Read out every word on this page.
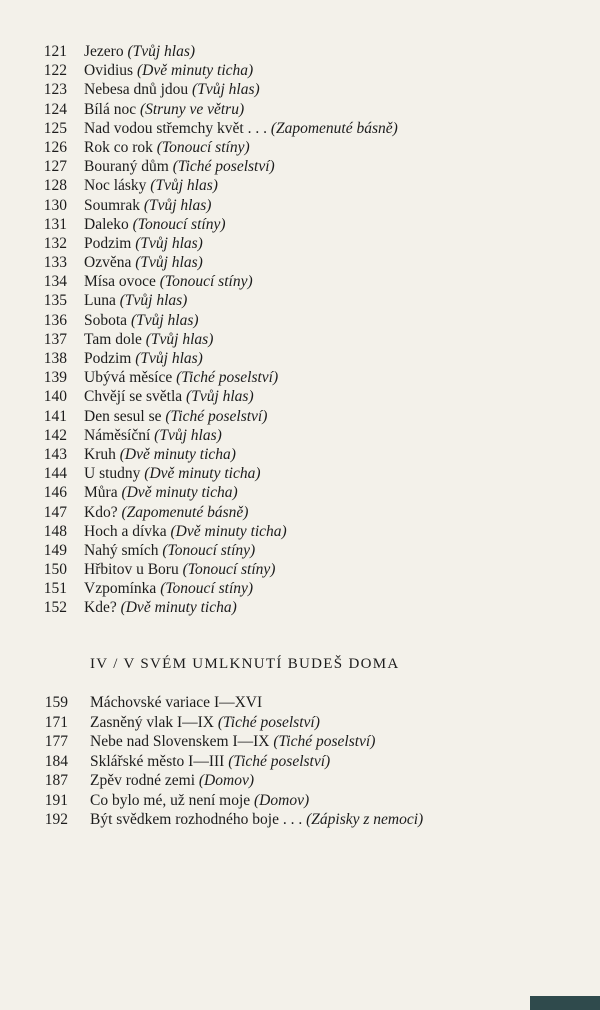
121 Jezero (Tvůj hlas)
122 Ovidius (Dvě minuty ticha)
123 Nebesa dnů jdou (Tvůj hlas)
124 Bílá noc (Struny ve větru)
125 Nad vodou střemchy květ . . . (Zapomenuté básně)
126 Rok co rok (Tonoucí stíny)
127 Bouraný dům (Tiché poselství)
128 Noc lásky (Tvůj hlas)
130 Soumrak (Tvůj hlas)
131 Daleko (Tonoucí stíny)
132 Podzim (Tvůj hlas)
133 Ozvěna (Tvůj hlas)
134 Mísa ovoce (Tonoucí stíny)
135 Luna (Tvůj hlas)
136 Sobota (Tvůj hlas)
137 Tam dole (Tvůj hlas)
138 Podzim (Tvůj hlas)
139 Ubývá měsíce (Tiché poselství)
140 Chvějí se světla (Tvůj hlas)
141 Den sesul se (Tiché poselství)
142 Náměsíční (Tvůj hlas)
143 Kruh (Dvě minuty ticha)
144 U studny (Dvě minuty ticha)
146 Můra (Dvě minuty ticha)
147 Kdo? (Zapomenuté básně)
148 Hoch a dívka (Dvě minuty ticha)
149 Nahý smích (Tonoucí stíny)
150 Hřbitov u Boru (Tonoucí stíny)
151 Vzpomínka (Tonoucí stíny)
152 Kde? (Dvě minuty ticha)
IV / V SVÉM UMLKNUTÍ BUDEŠ DOMA
159 Máchovské variace I—XVI
171 Zasněný vlak I—IX (Tiché poselství)
177 Nebe nad Slovenskem I—IX (Tiché poselství)
184 Sklářské město I—III (Tiché poselství)
187 Zpěv rodné zemi (Domov)
191 Co bylo mé, už není moje (Domov)
192 Být svědkem rozhodného boje . . . (Zápisky z nemoci)
